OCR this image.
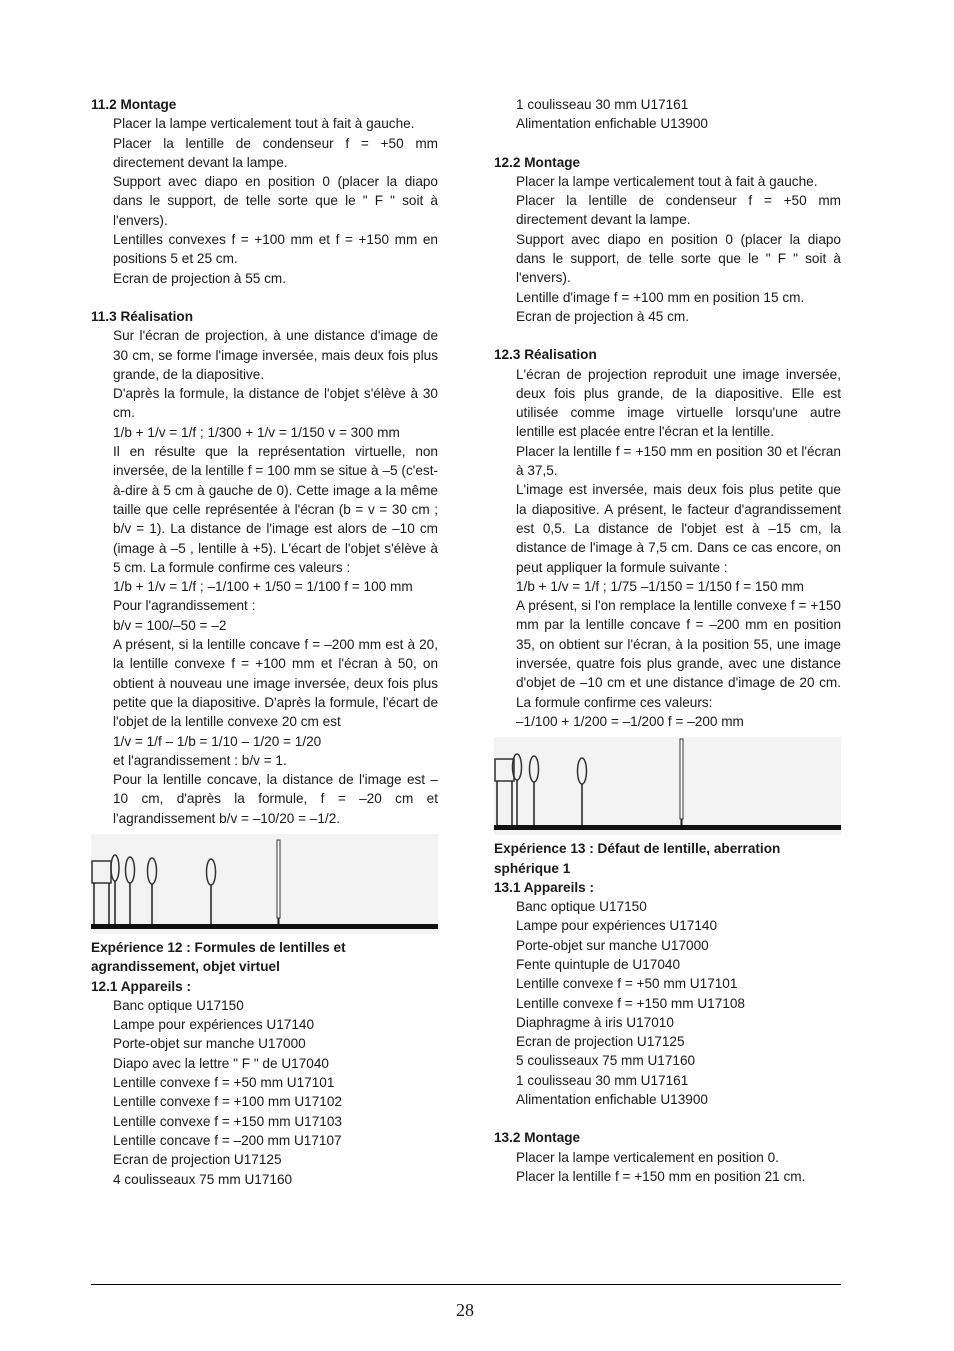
11.2 Montage
Placer la lampe verticalement tout à fait à gauche.
Placer la lentille de condenseur f = +50 mm directement devant la lampe.
Support avec diapo en position 0 (placer la diapo dans le support, de telle sorte que le " F " soit à l'envers).
Lentilles convexes f = +100 mm et f = +150 mm en positions 5 et 25 cm.
Ecran de projection à 55 cm.
11.3 Réalisation
Sur l'écran de projection, à une distance d'image de 30 cm, se forme l'image inversée, mais deux fois plus grande, de la diapositive.
D'après la formule, la distance de l'objet s'élève à 30 cm.
1/b + 1/v = 1/f ; 1/300 + 1/v = 1/150 v = 300 mm
Il en résulte que la représentation virtuelle, non inversée, de la lentille f = 100 mm se situe à –5 (c'est-à-dire à 5 cm à gauche de 0). Cette image a la même taille que celle représentée à l'écran (b = v = 30 cm ; b/v = 1). La distance de l'image est alors de –10 cm (image à –5 , lentille à +5). L'écart de l'objet s'élève à 5 cm. La formule confirme ces valeurs :
1/b + 1/v = 1/f ; –1/100 + 1/50 = 1/100 f = 100 mm
Pour l'agrandissement :
b/v = 100/–50 = –2
A présent, si la lentille concave f = –200 mm est à 20, la lentille convexe f = +100 mm et l'écran à 50, on obtient à nouveau une image inversée, deux fois plus petite que la diapositive. D'après la formule, l'écart de l'objet de la lentille convexe 20 cm est
1/v = 1/f – 1/b = 1/10 – 1/20 = 1/20
et l'agrandissement : b/v = 1.
Pour la lentille concave, la distance de l'image est –10 cm, d'après la formule, f = –20 cm et l'agrandissement b/v = –10/20 = –1/2.
Expérience 12 : Formules de lentilles et agrandissement, objet virtuel
12.1 Appareils :
Banc optique U17150
Lampe pour expériences U17140
Porte-objet sur manche U17000
Diapo avec la lettre " F " de U17040
Lentille convexe f = +50 mm U17101
Lentille convexe f = +100 mm U17102
Lentille convexe f = +150 mm U17103
Lentille concave f = –200 mm U17107
Ecran de projection U17125
4 coulisseaux 75 mm U17160
1 coulisseau 30 mm U17161
Alimentation enfichable U13900
12.2 Montage
Placer la lampe verticalement tout à fait à gauche.
Placer la lentille de condenseur f = +50 mm directement devant la lampe.
Support avec diapo en position 0 (placer la diapo dans le support, de telle sorte que le " F " soit à l'envers).
Lentille d'image f = +100 mm en position 15 cm.
Ecran de projection à 45 cm.
12.3 Réalisation
L'écran de projection reproduit une image inversée, deux fois plus grande, de la diapositive. Elle est utilisée comme image virtuelle lorsqu'une autre lentille est placée entre l'écran et la lentille.
Placer la lentille f = +150 mm en position 30 et l'écran à 37,5.
L'image est inversée, mais deux fois plus petite que la diapositive. A présent, le facteur d'agrandissement est 0,5. La distance de l'objet est à –15 cm, la distance de l'image à 7,5 cm. Dans ce cas encore, on peut appliquer la formule suivante :
1/b + 1/v = 1/f ; 1/75 –1/150 = 1/150 f = 150 mm
A présent, si l'on remplace la lentille convexe f = +150 mm par la lentille concave f = –200 mm en position 35, on obtient sur l'écran, à la position 55, une image inversée, quatre fois plus grande, avec une distance d'objet de –10 cm et une distance d'image de 20 cm. La formule confirme ces valeurs:
–1/100 + 1/200 = –1/200 f = –200 mm
Expérience 13 : Défaut de lentille, aberration sphérique 1
13.1 Appareils :
Banc optique U17150
Lampe pour expériences U17140
Porte-objet sur manche U17000
Fente quintuple de U17040
Lentille convexe f = +50 mm U17101
Lentille convexe f = +150 mm U17108
Diaphragme à iris U17010
Ecran de projection U17125
5 coulisseaux 75 mm U17160
1 coulisseau 30 mm U17161
Alimentation enfichable U13900
13.2 Montage
Placer la lampe verticalement en position 0.
Placer la lentille f = +150 mm en position 21 cm.
28
